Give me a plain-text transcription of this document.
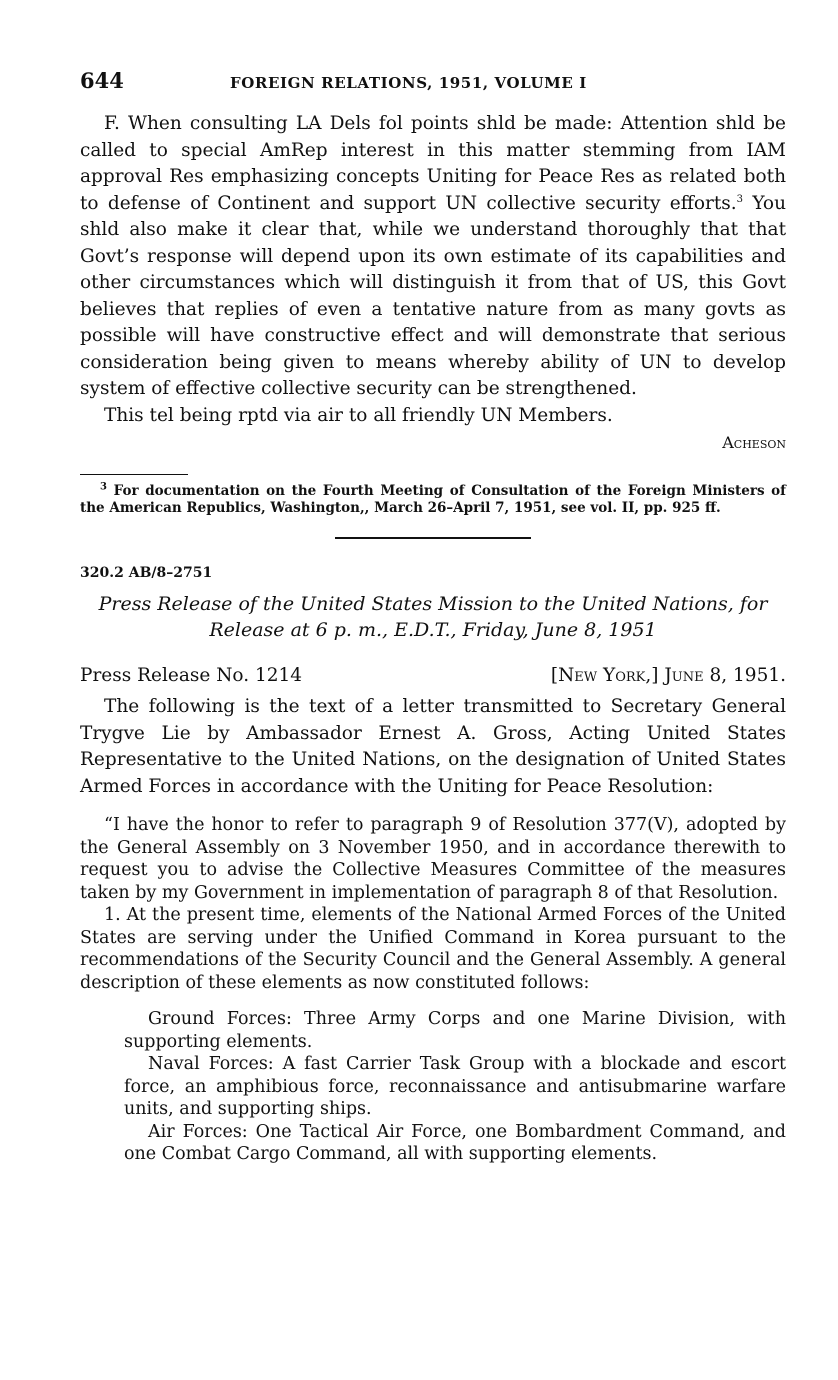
644	FOREIGN RELATIONS, 1951, VOLUME I

F. When consulting LA Dels fol points shld be made: Attention shld be called to special AmRep interest in this matter stemming from IAM approval Res emphasizing concepts Uniting for Peace Res as related both to defense of Continent and support UN collective security efforts.$^3$ You shld also make it clear that, while we understand thoroughly that that Govt’s response will depend upon its own estimate of its capabilities and other circumstances which will distinguish it from that of US, this Govt believes that replies of even a tentative nature from as many govts as possible will have constructive effect and will demonstrate that serious consideration being given to means whereby ability of UN to develop system of effective collective security can be strengthened.

This tel being rptd via air to all friendly UN Members.

Acheson

$^3$ For documentation on the Fourth Meeting of Consultation of the Foreign Ministers of the American Republics, Washington,, March 26–April 7, 1951, see vol. II, pp. 925 ff.

320.2 AB/8–2751
Press Release of the United States Mission to the United Nations, for Release at 6 p. m., E.D.T., Friday, June 8, 1951
Press Release No. 1214	[New York,] June 8, 1951.

The following is the text of a letter transmitted to Secretary General Trygve Lie by Ambassador Ernest A. Gross, Acting United States Representative to the United Nations, on the designation of United States Armed Forces in accordance with the Uniting for Peace Resolution:

“I have the honor to refer to paragraph 9 of Resolution 377(V), adopted by the General Assembly on 3 November 1950, and in accordance therewith to request you to advise the Collective Measures Committee of the measures taken by my Government in implementation of paragraph 8 of that Resolution.

1. At the present time, elements of the National Armed Forces of the United States are serving under the Unified Command in Korea pursuant to the recommendations of the Security Council and the General Assembly. A general description of these elements as now constituted follows:

Ground Forces: Three Army Corps and one Marine Division, with supporting elements.

Naval Forces: A fast Carrier Task Group with a blockade and escort force, an amphibious force, reconnaissance and antisubmarine warfare units, and supporting ships.

Air Forces: One Tactical Air Force, one Bombardment Command, and one Combat Cargo Command, all with supporting elements.
